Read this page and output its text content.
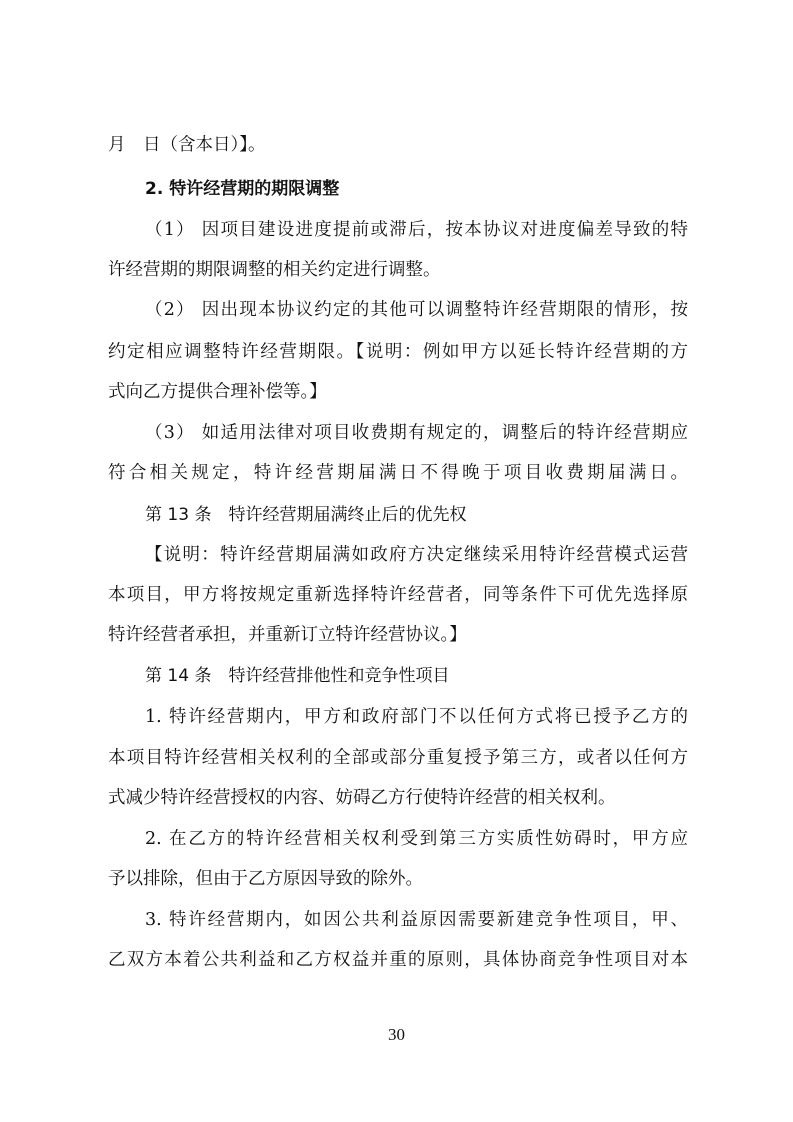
月　日（含本日）】。
2. 特许经营期的期限调整
（1） 因项目建设进度提前或滞后，按本协议对进度偏差导致的特
许经营期的期限调整的相关约定进行调整。
（2） 因出现本协议约定的其他可以调整特许经营期限的情形，按
约定相应调整特许经营期限。【说明：例如甲方以延长特许经营期的方
式向乙方提供合理补偿等。】
（3） 如适用法律对项目收费期有规定的，调整后的特许经营期应
符合相关规定，特许经营期届满日不得晚于项目收费期届满日。
第 13 条　特许经营期届满终止后的优先权
【说明：特许经营期届满如政府方决定继续采用特许经营模式运营
本项目，甲方将按规定重新选择特许经营者，同等条件下可优先选择原
特许经营者承担，并重新订立特许经营协议。】
第 14 条　特许经营排他性和竞争性项目
1. 特许经营期内，甲方和政府部门不以任何方式将已授予乙方的
本项目特许经营相关权利的全部或部分重复授予第三方，或者以任何方
式减少特许经营授权的内容、妨碍乙方行使特许经营的相关权利。
2. 在乙方的特许经营相关权利受到第三方实质性妨碍时，甲方应
予以排除，但由于乙方原因导致的除外。
3. 特许经营期内，如因公共利益原因需要新建竞争性项目，甲、
乙双方本着公共利益和乙方权益并重的原则，具体协商竞争性项目对本
30
